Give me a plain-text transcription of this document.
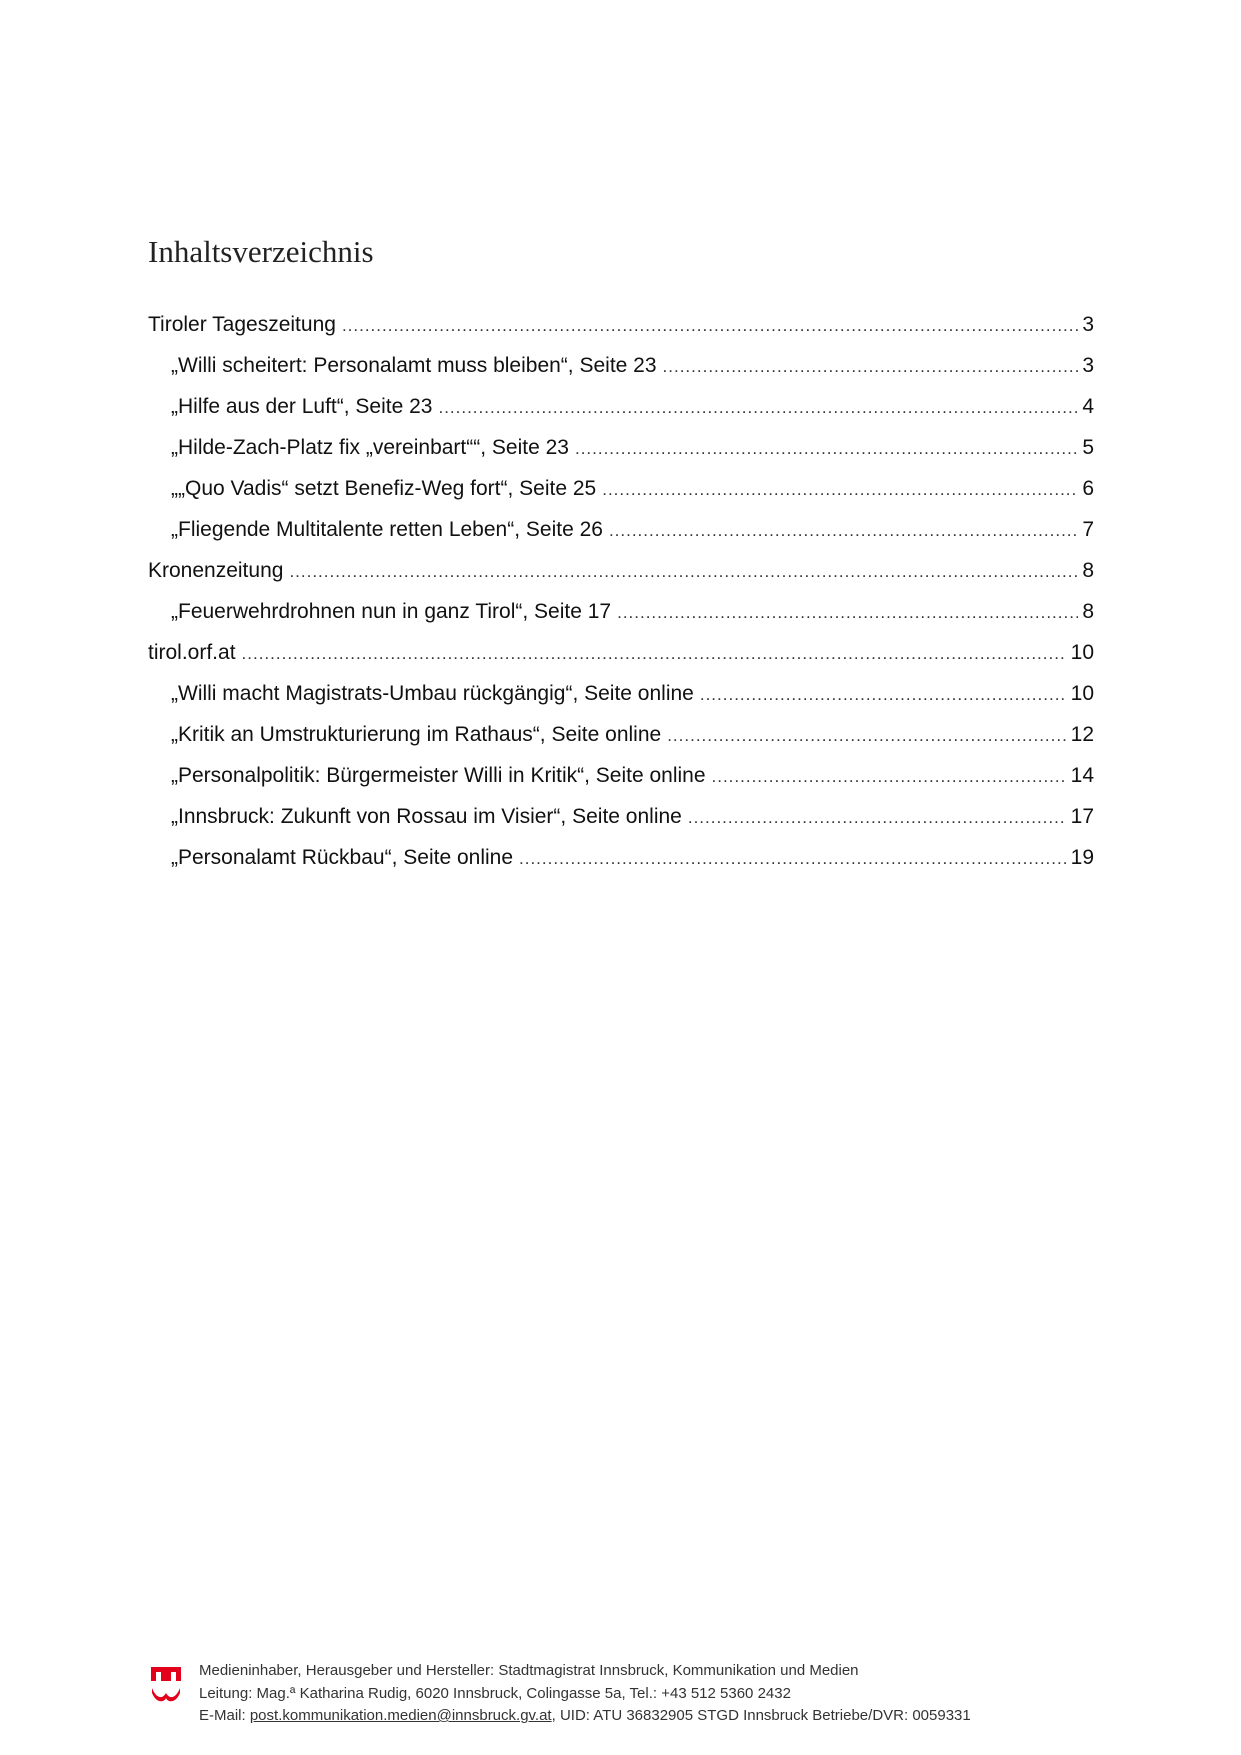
Inhaltsverzeichnis
Tiroler Tageszeitung .....	3
„Willi scheitert: Personalamt muss bleiben“, Seite 23 .....	3
„Hilfe aus der Luft“, Seite 23 .....	4
„Hilde-Zach-Platz fix „vereinbart““, Seite 23 .....	5
„„Quo Vadis“ setzt Benefiz-Weg fort“, Seite 25 .....	6
„Fliegende Multitalente retten Leben“, Seite 26 .....	7
Kronenzeitung .....	8
„Feuerwehrdrohnen nun in ganz Tirol“, Seite 17 .....	8
tirol.orf.at .....	10
„Willi macht Magistrats-Umbau rückgängig“, Seite online .....	10
„Kritik an Umstrukturierung im Rathaus“, Seite online .....	12
„Personalpolitik: Bürgermeister Willi in Kritik“, Seite online .....	14
„Innsbruck: Zukunft von Rossau im Visier“, Seite online .....	17
„Personalamt Rückbau“, Seite online .....	19
Medieninhaber, Herausgeber und Hersteller: Stadtmagistrat Innsbruck, Kommunikation und Medien
Leitung: Mag.ª Katharina Rudig, 6020 Innsbruck, Colingasse 5a, Tel.: +43 512 5360 2432
E-Mail: post.kommunikation.medien@innsbruck.gv.at, UID: ATU 36832905 STGD Innsbruck Betriebe/DVR: 0059331
